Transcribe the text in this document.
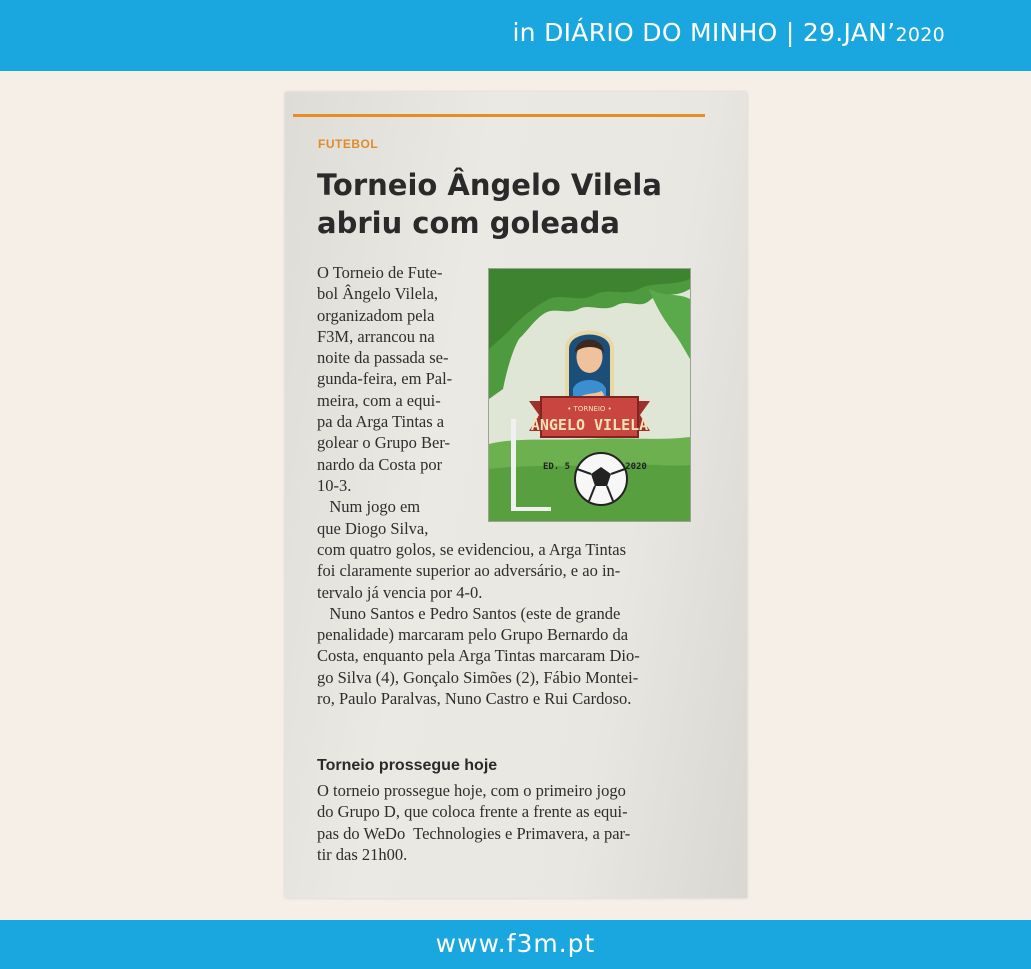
in DIÁRIO DO MINHO | 29.JAN’2020
FUTEBOL
Torneio Ângelo Vilela
abriu com goleada
O Torneio de Fute-
bol Ângelo Vilela,
organizadom pela
F3M, arrancou na
noite da passada se-
gunda-feira, em Pal-
meira, com a equi-
pa da Arga Tintas a
golear o Grupo Ber-
nardo da Costa por
10-3.
Num jogo em
que Diogo Silva,
• TORNEIO •
ÂNGELO VILELA
ED. 5	2020
com quatro golos, se evidenciou, a Arga Tintas
foi claramente superior ao adversário, e ao in-
tervalo já vencia por 4-0.
Nuno Santos e Pedro Santos (este de grande
penalidade) marcaram pelo Grupo Bernardo da
Costa, enquanto pela Arga Tintas marcaram Dio-
go Silva (4), Gonçalo Simões (2), Fábio Montei-
ro, Paulo Paralvas, Nuno Castro e Rui Cardoso.
Torneio prossegue hoje
O torneio prossegue hoje, com o primeiro jogo
do Grupo D, que coloca frente a frente as equi-
pas do WeDo  Technologies e Primavera, a par-
tir das 21h00.
www.f3m.pt
